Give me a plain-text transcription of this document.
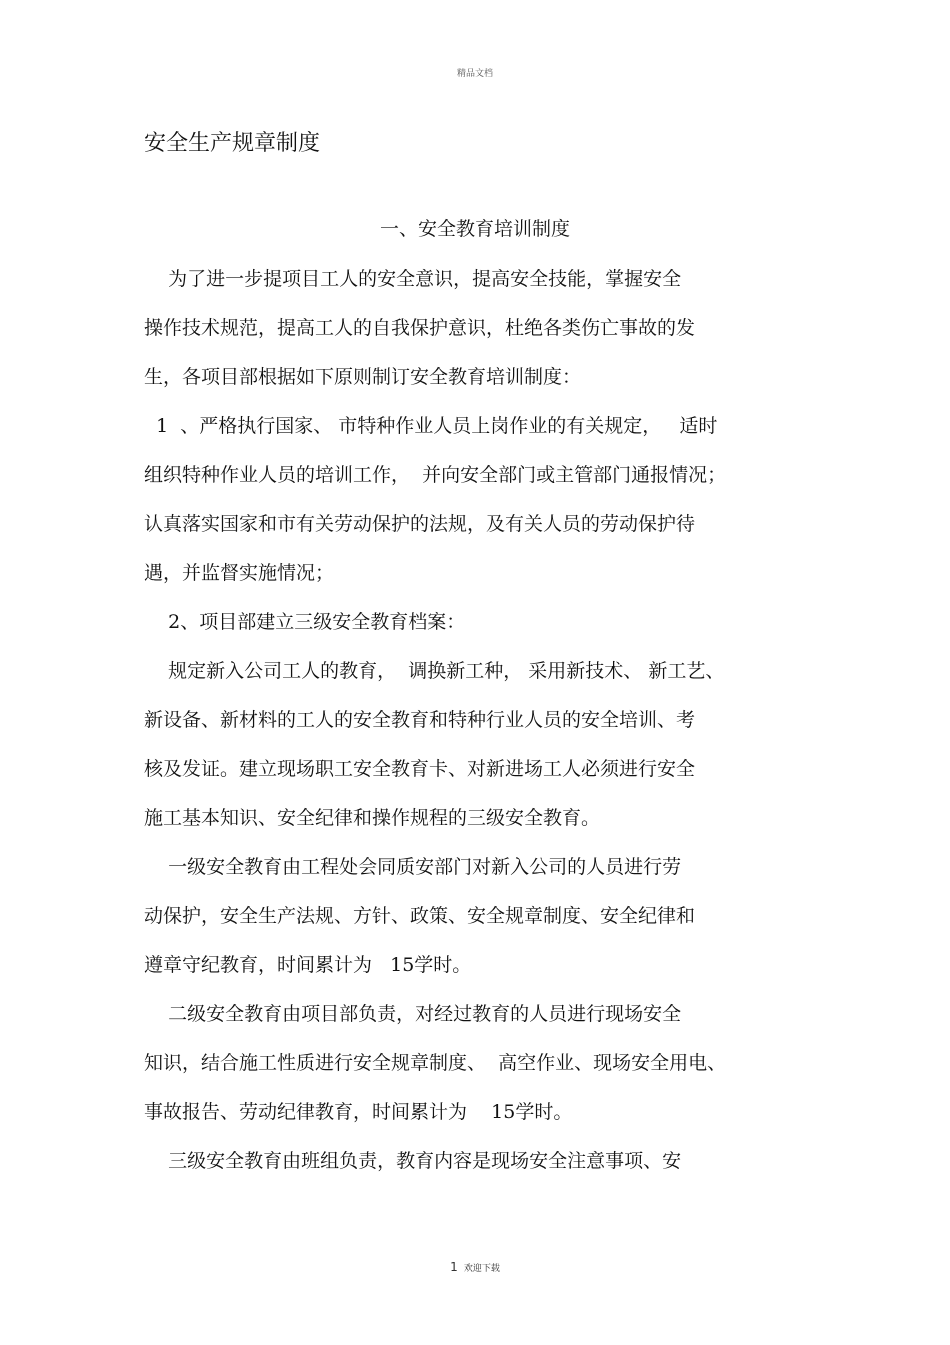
精品文档
安全生产规章制度
一、安全教育培训制度
为了进一步提项目工人的安全意识，提高安全技能，掌握安全
操作技术规范，提高工人的自我保护意识，杜绝各类伤亡事故的发
生，各项目部根据如下原则制订安全教育培训制度：
1  、严格执行国家、 市特种作业人员上岗作业的有关规定，   适时
组织特种作业人员的培训工作，  并向安全部门或主管部门通报情况；
认真落实国家和市有关劳动保护的法规，及有关人员的劳动保护待
遇，并监督实施情况；
2、项目部建立三级安全教育档案：
规定新入公司工人的教育，  调换新工种， 采用新技术、 新工艺、
新设备、新材料的工人的安全教育和特种行业人员的安全培训、考
核及发证。建立现场职工安全教育卡、对新进场工人必须进行安全
施工基本知识、安全纪律和操作规程的三级安全教育。
一级安全教育由工程处会同质安部门对新入公司的人员进行劳
动保护，安全生产法规、方针、政策、安全规章制度、安全纪律和
遵章守纪教育，时间累计为   15学时。
二级安全教育由项目部负责，对经过教育的人员进行现场安全
知识，结合施工性质进行安全规章制度、  高空作业、现场安全用电、
事故报告、劳动纪律教育，时间累计为    15学时。
三级安全教育由班组负责，教育内容是现场安全注意事项、安
1 欢迎下载
